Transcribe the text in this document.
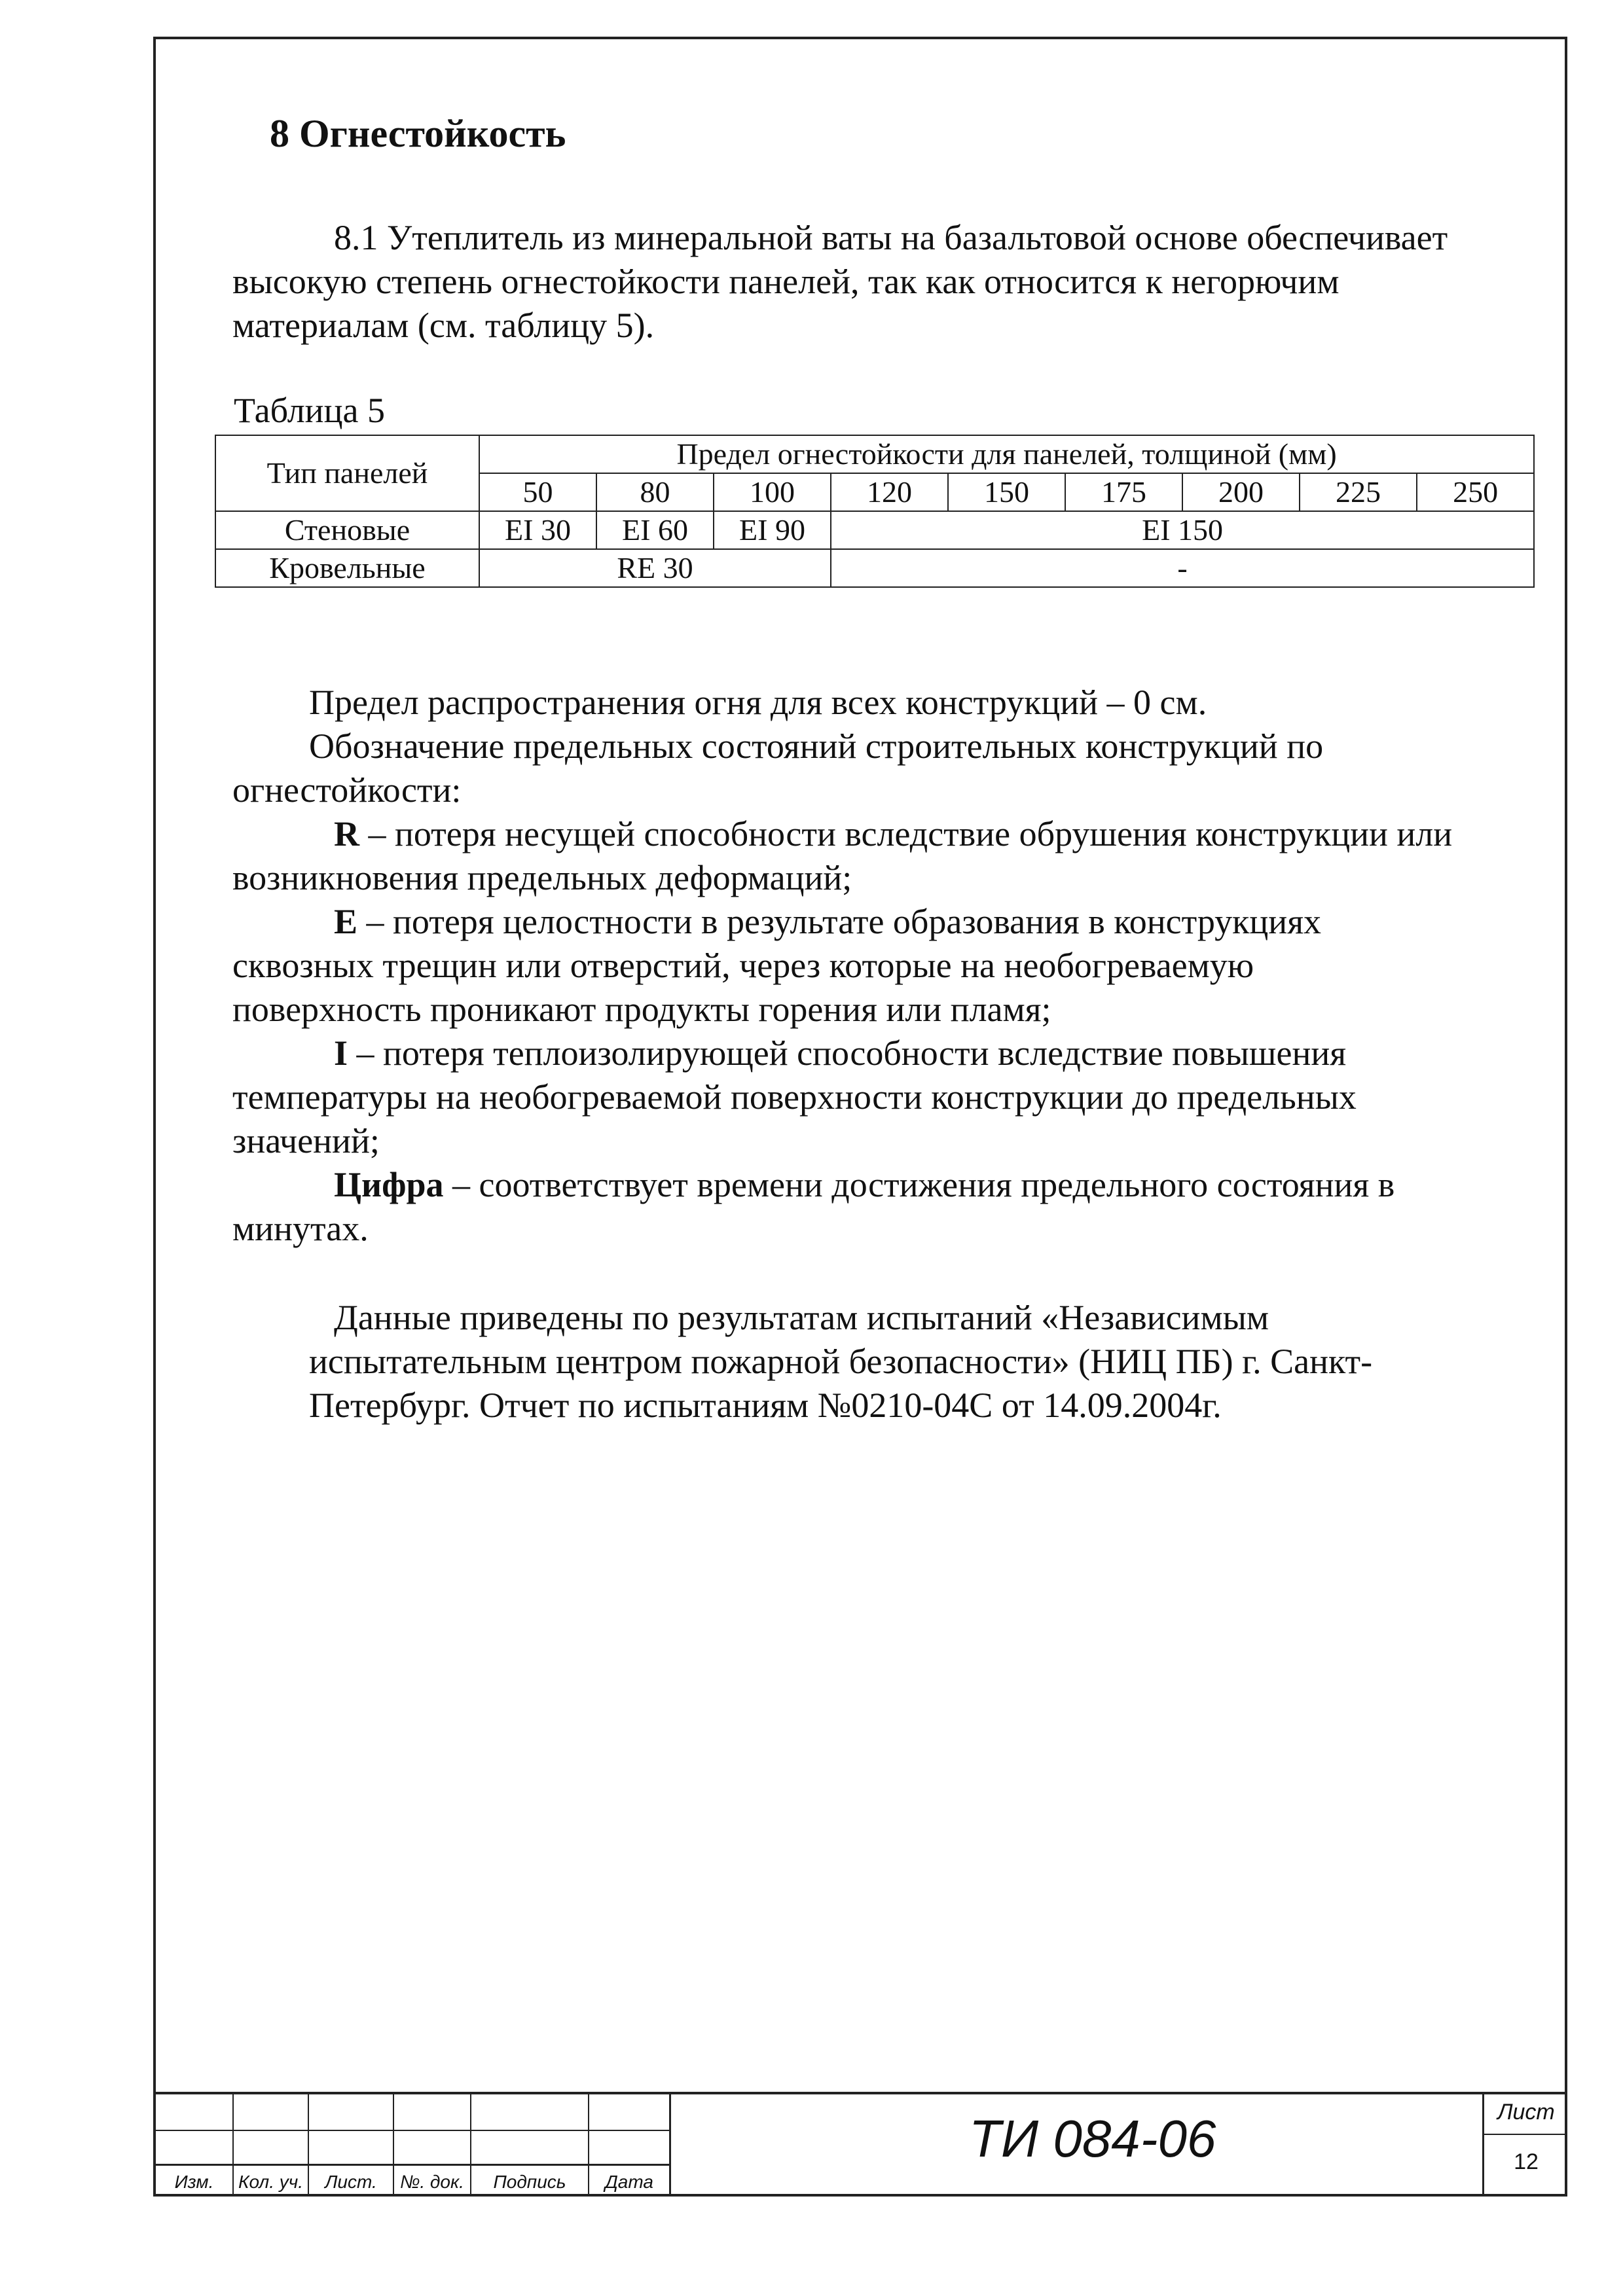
8 Огнестойкость
8.1 Утеплитель из минеральной ваты на базальтовой основе обеспечивает
высокую степень огнестойкости панелей, так как относится к негорючим
материалам (см. таблицу 5).
Таблица 5
Тип панелей	Предел огнестойкости для панелей, толщиной (мм)								
	50	80	100	120	150	175	200	225	250
Стеновые	EI 30	EI 60	EI 90	EI 150					
Кровельные	RE 30			-					
Предел распространения огня для всех конструкций – 0 см.
Обозначение предельных состояний строительных конструкций по
огнестойкости:
R – потеря несущей способности вследствие обрушения конструкции или
возникновения предельных деформаций;
Е – потеря целостности в результате образования в конструкциях
сквозных трещин или отверстий, через которые на необогреваемую
поверхность проникают продукты горения или пламя;
I – потеря теплоизолирующей способности вследствие повышения
температуры на необогреваемой поверхности конструкции до предельных
значений;
Цифра – соответствует времени достижения предельного состояния в
минутах.
Данные приведены по результатам испытаний «Независимым
испытательным центром пожарной безопасности» (НИЦ ПБ) г. Санкт-
Петербург. Отчет по испытаниям №0210-04С от 14.09.2004г.
Изм.	Кол. уч.	Лист.	№. док.	Подпись	Дата
ТИ 084-06	Лист
12
